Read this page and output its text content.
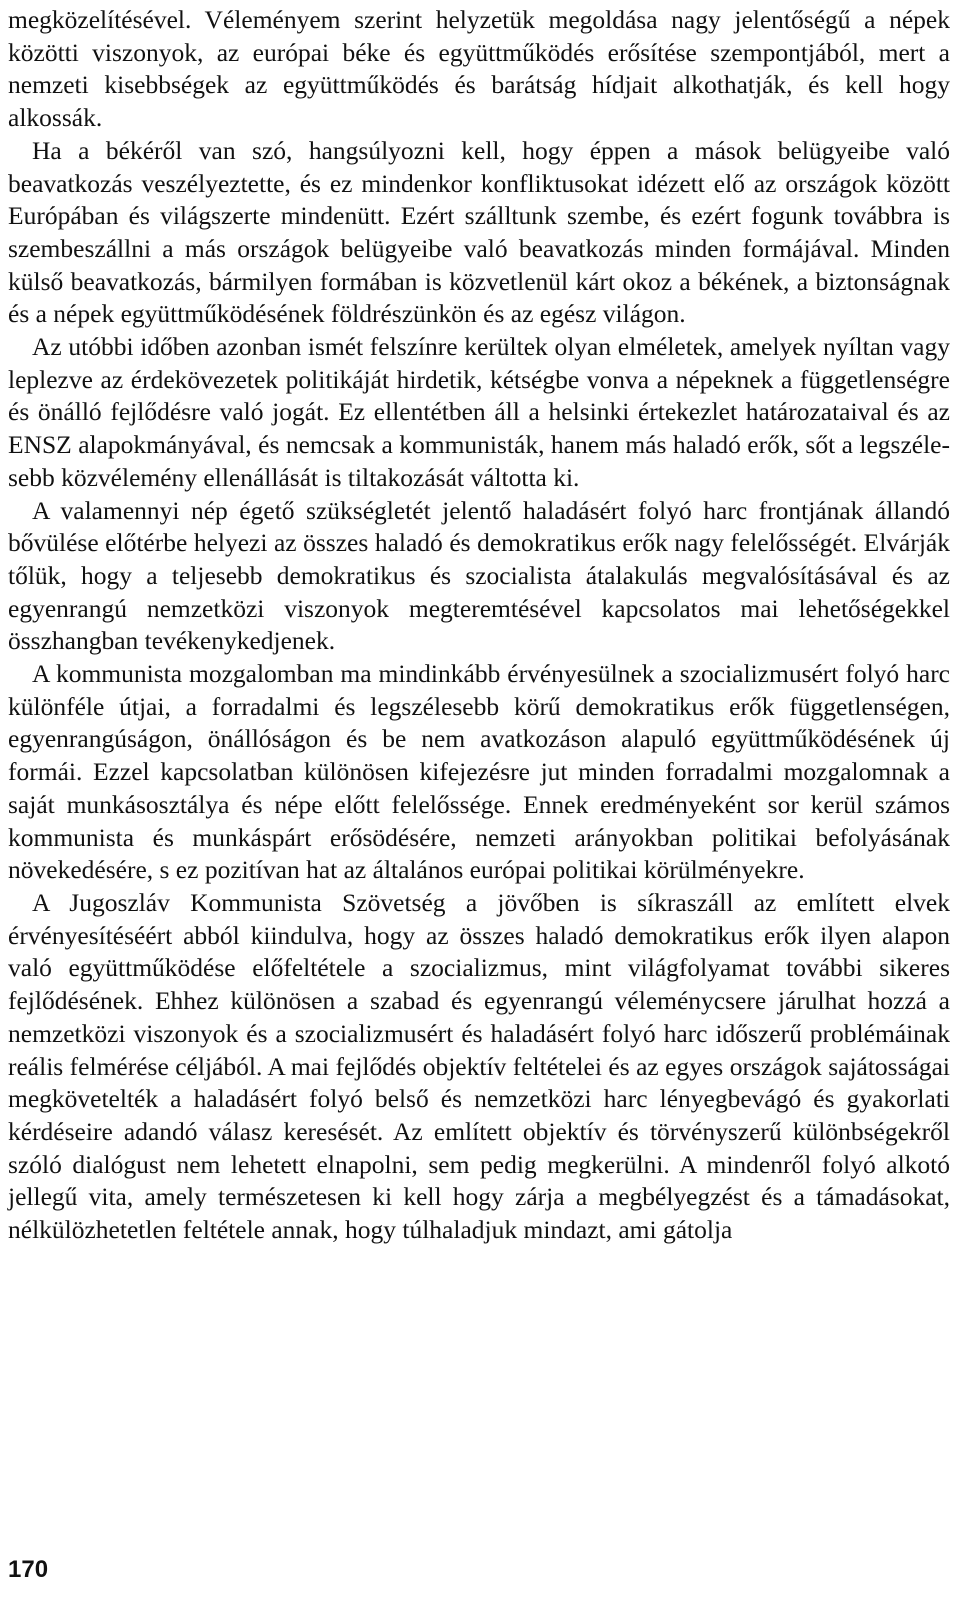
megközelítésével. Véleményem szerint helyzetük megoldása nagy jelentőségű a népek közötti viszonyok, az európai béke és együttműködés erősítése szempontjából, mert a nemzeti kisebbségek az együttműködés és barátság hídjait alkothatják, és kell hogy alkossák.

Ha a békéről van szó, hangsúlyozni kell, hogy éppen a mások belügyeibe való beavatkozás veszélyeztette, és ez mindenkor konfliktusokat idézett elő az országok között Európában és világszerte mindenütt. Ezért szálltunk szembe, és ezért fogunk továbbra is szembeszállni a más országok belügyeibe való beavatkozás minden formájával. Minden külső beavatkozás, bármilyen formában is közvetlenül kárt okoz a békének, a biztonságnak és a népek együttműködésének földrészünkön és az egész világon.

Az utóbbi időben azonban ismét felszínre kerültek olyan elméletek, amelyek nyíltan vagy leplezve az érdekövezetek politikáját hirdetik, kétségbe vonva a népeknek a függetlenségre és önálló fejlődésre való jogát. Ez ellentétben áll a helsinki értekezlet határozataival és az ENSZ alapokmányával, és nemcsak a kommunisták, hanem más haladó erők, sőt a legszélesebb közvélemény ellenállását is tiltakozását váltotta ki.

A valamennyi nép égető szükségletét jelentő haladásért folyó harc frontjának állandó bővülése előtérbe helyezi az összes haladó és demokratikus erők nagy felelősségét. Elvárják tőlük, hogy a teljesebb demokratikus és szocialista átalakulás megvalósításával és az egyenrangú nemzetközi viszonyok megteremtésével kapcsolatos mai lehetőségekkel összhangban tevékenykedjenek.

A kommunista mozgalomban ma mindinkább érvényesülnek a szocializmusért folyó harc különféle útjai, a forradalmi és legszélesebb körű demokratikus erők függetlenségen, egyenrangúságon, önállóságon és be nem avatkozáson alapuló együttműködésének új formái. Ezzel kapcsolatban különösen kifejezésre jut minden forradalmi mozgalomnak a saját munkásosztálya és népe előtt felelőssége. Ennek eredményeként sor kerül számos kommunista és munkáspárt erősödésére, nemzeti arányokban politikai befolyásának növekedésére, s ez pozitívan hat az általános európai politikai körülményekre.

A Jugoszláv Kommunista Szövetség a jövőben is síkraszáll az említett elvek érvényesítéséért abból kiindulva, hogy az összes haladó demokratikus erők ilyen alapon való együttműködése előfeltétele a szocializmus, mint világfolyamat további sikeres fejlődésének. Ehhez különösen a szabad és egyenrangú véleménycsere járulhat hozzá a nemzetközi viszonyok és a szocializmusért és haladásért folyó harc időszerű problémáinak reális felmérése céljából. A mai fejlődés objektív feltételei és az egyes országok sajátosságai megkövetelték a haladásért folyó belső és nemzetközi harc lényegbevágó és gyakorlati kérdéseire adandó válasz keresését. Az említett objektív és törvényszerű különbségekről szóló dialógust nem lehetett elnapolni, sem pedig megkerülni. A mindenről folyó alkotó jellegű vita, amely természetesen ki kell hogy zárja a megbélyegzést és a támadásokat, nélkülözhetetlen feltétele annak, hogy túlhaladjuk mindazt, ami gátolja

170
